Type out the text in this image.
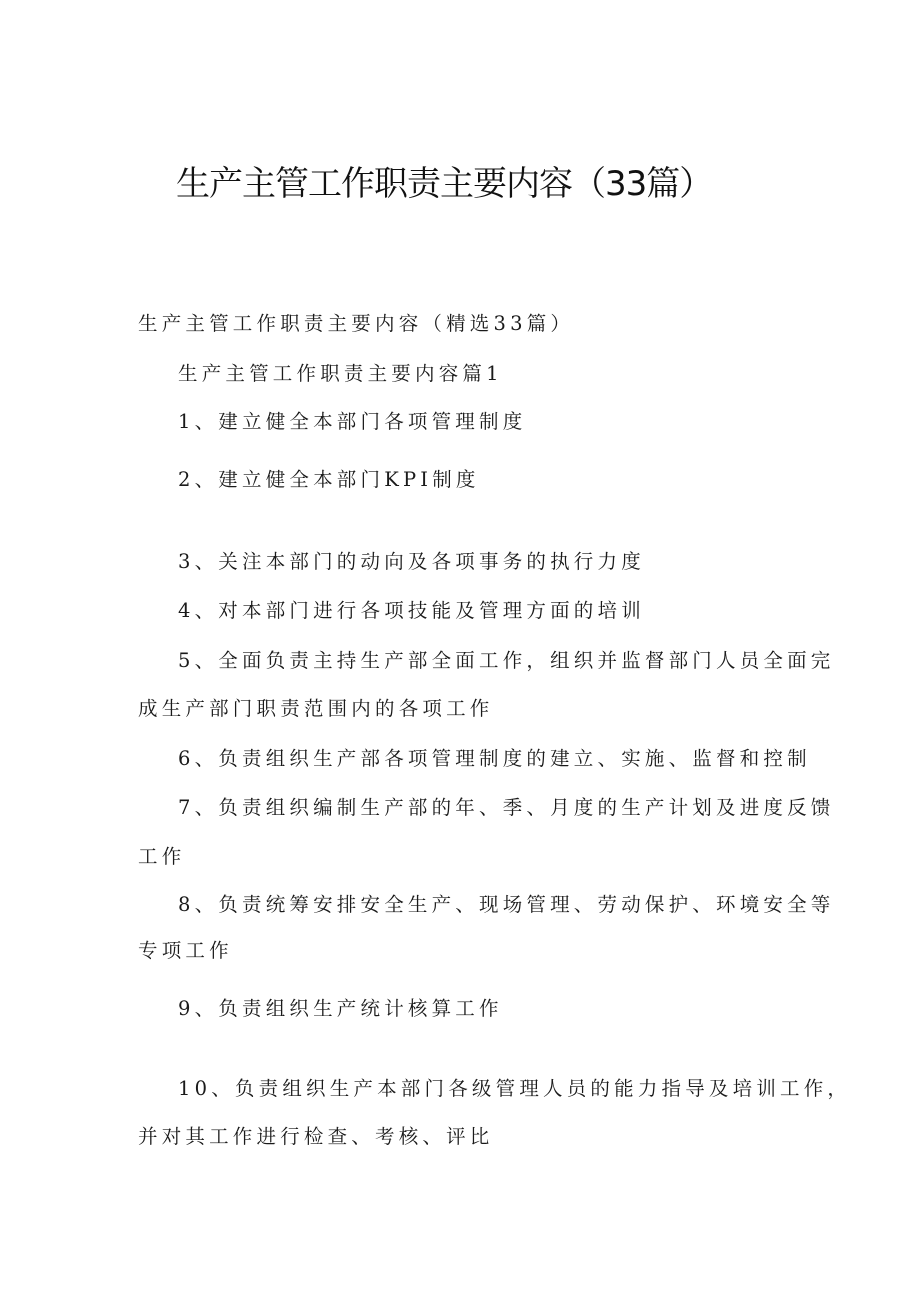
生产主管工作职责主要内容（33篇）
生产主管工作职责主要内容（精选33篇）
生产主管工作职责主要内容篇1
1、建立健全本部门各项管理制度
2、建立健全本部门KPI制度
3、关注本部门的动向及各项事务的执行力度
4、对本部门进行各项技能及管理方面的培训
5、全面负责主持生产部全面工作，组织并监督部门人员全面完
成生产部门职责范围内的各项工作
6、负责组织生产部各项管理制度的建立、实施、监督和控制
7、负责组织编制生产部的年、季、月度的生产计划及进度反馈
工作
8、负责统筹安排安全生产、现场管理、劳动保护、环境安全等
专项工作
9、负责组织生产统计核算工作
10、负责组织生产本部门各级管理人员的能力指导及培训工作，
并对其工作进行检查、考核、评比
